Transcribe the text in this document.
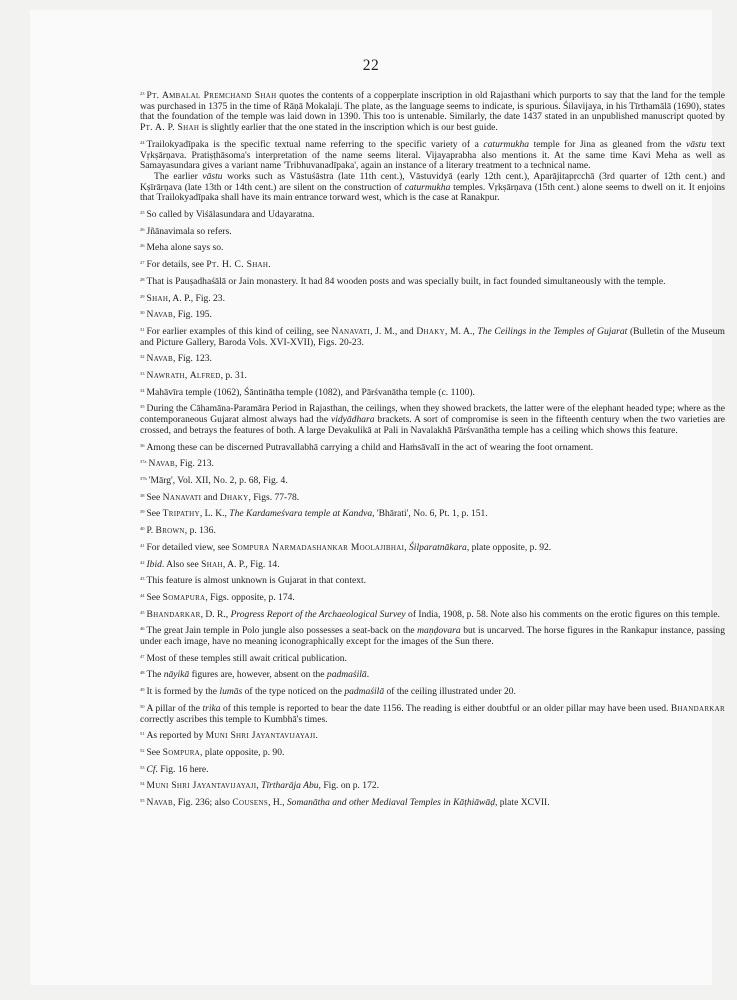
22
$^{23}$ Pt. Ambalal Premchand Shah quotes the contents of a copperplate inscription in old Rajasthani which purports to say that the land for the temple was purchased in 1375 in the time of Rāṇā Mokalaji. The plate, as the language seems to indicate, is spurious. Śilavijaya, in his Tīrthamālā (1690), states that the foundation of the temple was laid down in 1390. This too is untenable. Similarly, the date 1437 stated in an unpublished manuscript quoted by Pt. A. P. Shah is slightly earlier that the one stated in the inscription which is our best guide.
$^{24}$ Trailokyadīpaka is the specific textual name referring to the specific variety of a caturmukha temple for Jina as gleaned from the vāstu text Vṛkṣārṇava. Pratiṣṭhāsoma's interpretation of the name seems literal. Vijayaprabha also mentions it. At the same time Kavi Meha as well as Samayasundara gives a variant name 'Tribhuvanadīpaka', again an instance of a literary treatment to a technical name.
The earlier vāstu works such as Vāstuśāstra (late 11th cent.), Vāstuvidyā (early 12th cent.), Aparājitapṛcchā (3rd quarter of 12th cent.) and Kṣīrārṇava (late 13th or 14th cent.) are silent on the construction of caturmukha temples. Vṛkṣārṇava (15th cent.) alone seems to dwell on it. It enjoins that Trailokyadīpaka shall have its main entrance torward west, which is the case at Ranakpur.
$^{25}$ So called by Viśālasundara and Udayaratna.
$^{26}$ Jñānavimala so refers.
$^{26}$ Meha alone says so.
$^{27}$ For details, see Pt. H. C. Shah.
$^{28}$ That is Pauṣadhaśālā or Jain monastery. It had 84 wooden posts and was specially built, in fact founded simultaneously with the temple.
$^{29}$ Shah, A. P., Fig. 23.
$^{30}$ Navab, Fig. 195.
$^{31}$ For earlier examples of this kind of ceiling, see Nanavati, J. M., and Dhaky, M. A., The Ceilings in the Temples of Gujarat (Bulletin of the Museum and Picture Gallery, Baroda Vols. XVI-XVII), Figs. 20-23.
$^{32}$ Navab, Fig. 123.
$^{33}$ Nawrath, Alfred, p. 31.
$^{34}$ Mahāvīra temple (1062), Śāntinātha temple (1082), and Pārśvanātha temple (c. 1100).
$^{35}$ During the Cāhamāna-Paramāra Period in Rajasthan, the ceilings, when they showed brackets, the latter were of the elephant headed type; where as the contemporaneous Gujarat almost always had the vidyādhara brackets. A sort of compromise is seen in the fifteenth century when the two varieties are crossed, and betrays the features of both. A large Devakulikā at Pali in Navalakhā Pārśvanātha temple has a ceiling which shows this feature.
$^{36}$ Among these can be discerned Putravallabhā carrying a child and Haṁsāvalī in the act of wearing the foot ornament.
$^{37a}$ Navab, Fig. 213.
$^{37b}$ 'Mārg', Vol. XII, No. 2, p. 68, Fig. 4.
$^{38}$ See Nanavati and Dhaky, Figs. 77-78.
$^{39}$ See Tripathy, L. K., The Kardameśvara temple at Kandva, 'Bhārati', No. 6, Pt. 1, p. 151.
$^{40}$ P. Brown, p. 136.
$^{41}$ For detailed view, see Sompura Narmadashankar Moolajibhai, Śilparatnākara, plate opposite, p. 92.
$^{42}$ Ibid. Also see Shah, A. P., Fig. 14.
$^{43}$ This feature is almost unknown is Gujarat in that context.
$^{44}$ See Somapura, Figs. opposite, p. 174.
$^{45}$ Bhandarkar, D. R., Progress Report of the Archaeological Survey of India, 1908, p. 58. Note also his comments on the erotic figures on this temple.
$^{46}$ The great Jain temple in Polo jungle also possesses a seat-back on the maṇḍovara but is uncarved. The horse figures in the Rankapur instance, passing under each image, have no meaning iconographically except for the images of the Sun there.
$^{47}$ Most of these temples still await critical publication.
$^{48}$ The nāyikā figures are, however, absent on the padmaśilā.
$^{49}$ It is formed by the lumās of the type noticed on the padmaśilā of the ceiling illustrated under 20.
$^{50}$ A pillar of the trika of this temple is reported to bear the date 1156. The reading is either doubtful or an older pillar may have been used. Bhandarkar correctly ascribes this temple to Kumbhā's times.
$^{51}$ As reported by Muni Shri Jayantavijayaji.
$^{52}$ See Sompura, plate opposite, p. 90.
$^{53}$ Cf. Fig. 16 here.
$^{54}$ Muni Shri Jayantavijayaji, Tīrtharāja Abu, Fig. on p. 172.
$^{55}$ Navab, Fig. 236; also Cousens, H., Somanātha and other Mediaval Temples in Kāṭhiāwāḍ, plate XCVII.
